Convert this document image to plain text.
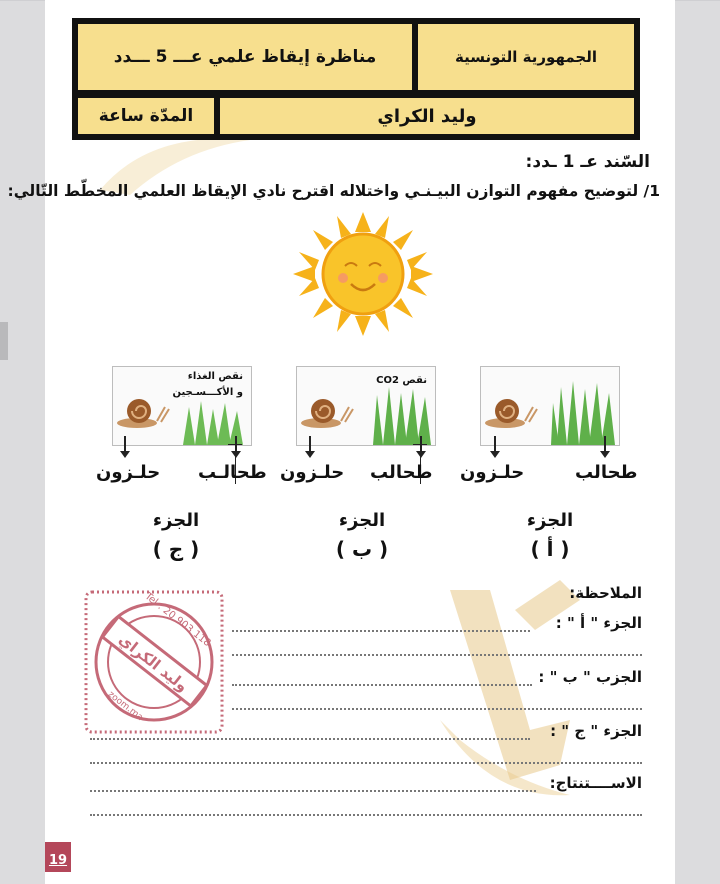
مناظرة إيقاظ علمي عـــ 5 ـــدد	الجمهورية التونسية
المدّة ساعة	وليد الكراي
السّند عـ 1 ـدد:
1/ لتوضيح مفهوم التوازن البيـنـي واختلاله اقترح نادي الإيقاظ العلمي المخطّط التّالي:
نقص CO2
نقص الغذاء
و الأكـــسـجين
طحالب
حلـزون
طحالب
حلـزون
طحالـب
حلـزون
الجزء
( أ )
الجزء
( ب )
الجزء
( ج )
وليد الكراي
Tel : 20 903 118
zoom.ma
الملاحظة:
الجزء " أ " :
الجزب " ب " :
الجزء " ج " :
الاســــتنتاج:
19
